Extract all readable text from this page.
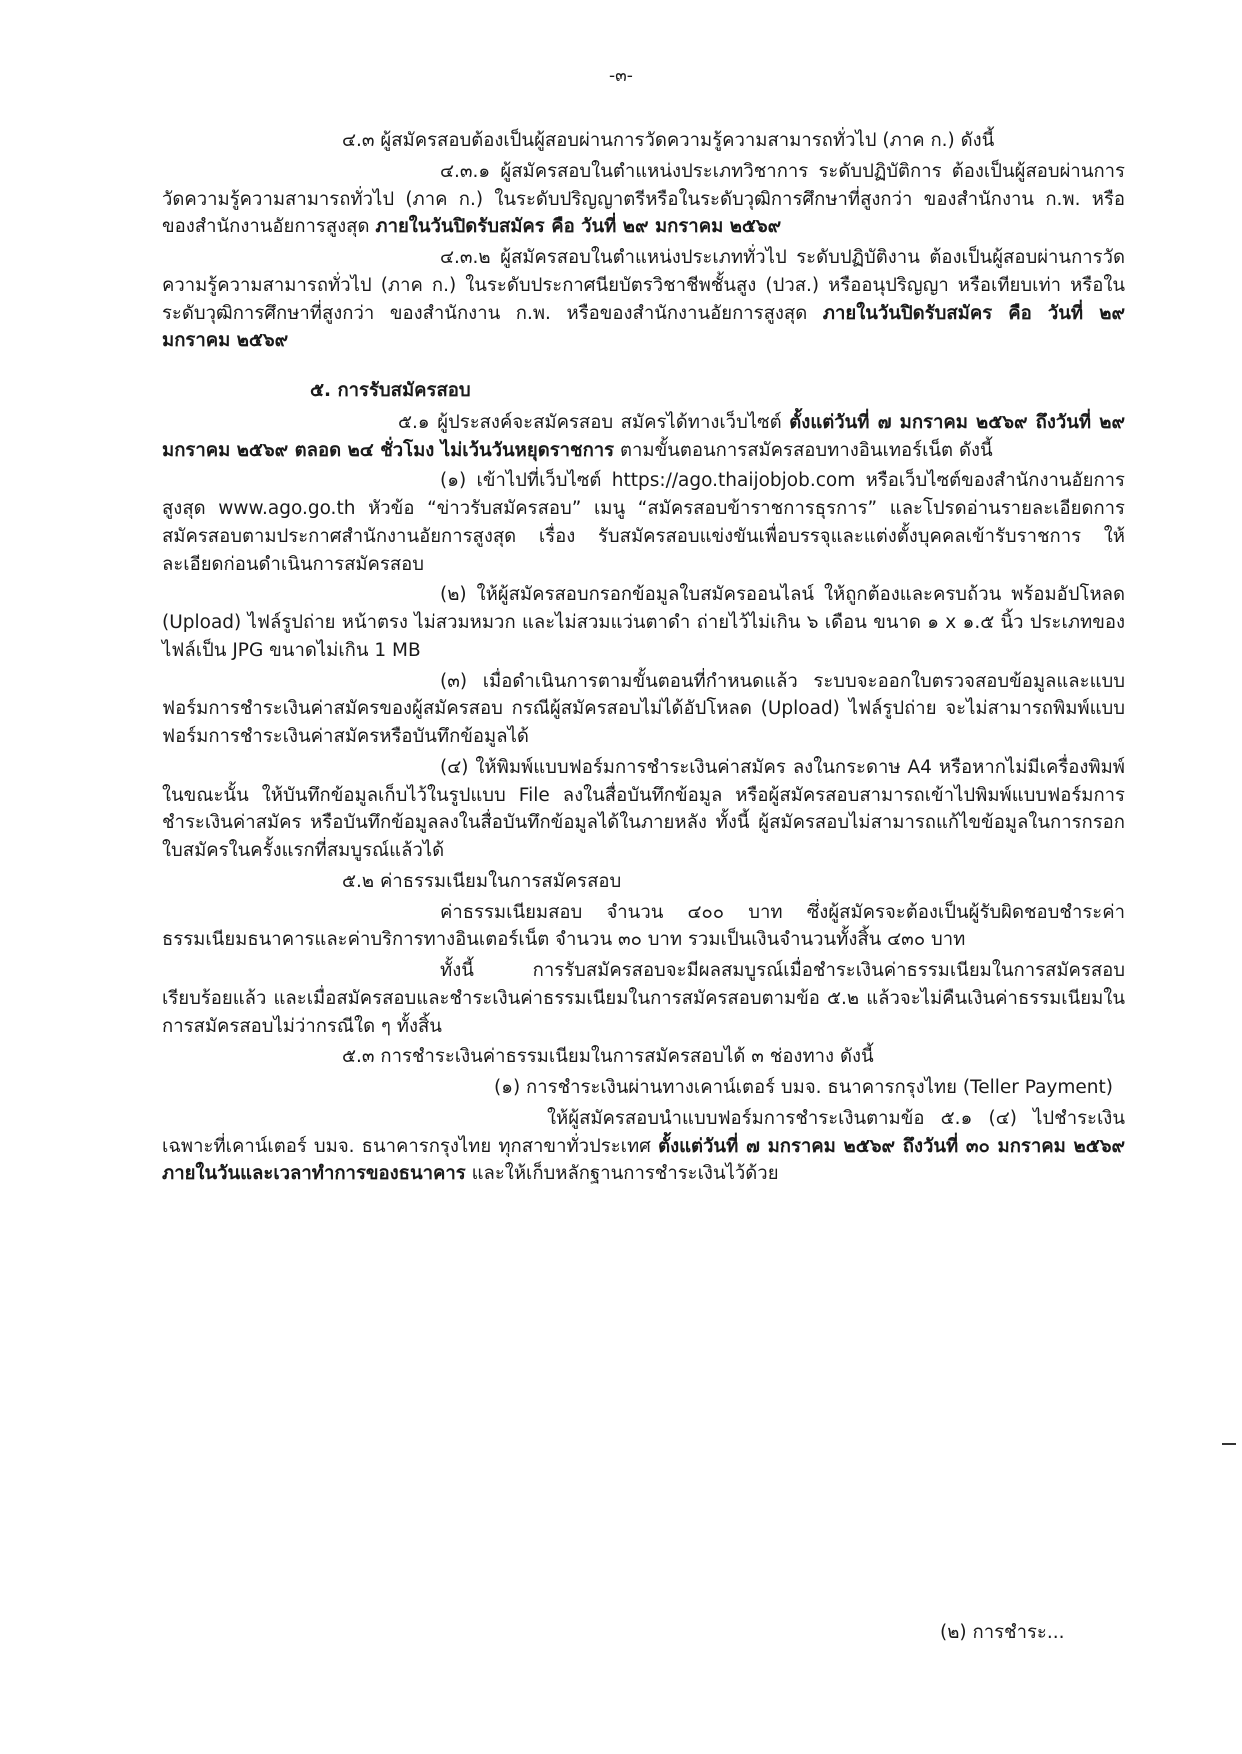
-๓-

๔.๓ ผู้สมัครสอบต้องเป็นผู้สอบผ่านการวัดความรู้ความสามารถทั่วไป (ภาค ก.) ดังนี้

๔.๓.๑ ผู้สมัครสอบในตำแหน่งประเภทวิชาการ ระดับปฏิบัติการ ต้องเป็นผู้สอบผ่านการวัดความรู้ความสามารถทั่วไป (ภาค ก.) ในระดับปริญญาตรีหรือในระดับวุฒิการศึกษาที่สูงกว่า ของสำนักงาน ก.พ. หรือของสำนักงานอัยการสูงสุด ภายในวันปิดรับสมัคร คือ วันที่ ๒๙ มกราคม ๒๕๖๙

๔.๓.๒ ผู้สมัครสอบในตำแหน่งประเภททั่วไป ระดับปฏิบัติงาน ต้องเป็นผู้สอบผ่านการวัดความรู้ความสามารถทั่วไป (ภาค ก.) ในระดับประกาศนียบัตรวิชาชีพชั้นสูง (ปวส.) หรืออนุปริญญา หรือเทียบเท่า หรือในระดับวุฒิการศึกษาที่สูงกว่า ของสำนักงาน ก.พ. หรือของสำนักงานอัยการสูงสุด ภายในวันปิดรับสมัคร คือ วันที่ ๒๙ มกราคม ๒๕๖๙

๕. การรับสมัครสอบ

๕.๑ ผู้ประสงค์จะสมัครสอบ สมัครได้ทางเว็บไซต์ ตั้งแต่วันที่ ๗ มกราคม ๒๕๖๙ ถึงวันที่ ๒๙ มกราคม ๒๕๖๙ ตลอด ๒๔ ชั่วโมง ไม่เว้นวันหยุดราชการ ตามขั้นตอนการสมัครสอบทางอินเทอร์เน็ต ดังนี้

(๑) เข้าไปที่เว็บไซต์ https://ago.thaijobjob.com หรือเว็บไซต์ของสำนักงานอัยการสูงสุด www.ago.go.th หัวข้อ “ข่าวรับสมัครสอบ” เมนู “สมัครสอบข้าราชการธุรการ” และโปรดอ่านรายละเอียดการสมัครสอบตามประกาศสำนักงานอัยการสูงสุด เรื่อง รับสมัครสอบแข่งขันเพื่อบรรจุและแต่งตั้งบุคคลเข้ารับราชการ ให้ละเอียดก่อนดำเนินการสมัครสอบ

(๒) ให้ผู้สมัครสอบกรอกข้อมูลใบสมัครออนไลน์ ให้ถูกต้องและครบถ้วน พร้อมอัปโหลด (Upload) ไฟล์รูปถ่าย หน้าตรง ไม่สวมหมวก และไม่สวมแว่นตาดำ ถ่ายไว้ไม่เกิน ๖ เดือน ขนาด ๑ x ๑.๕ นิ้ว ประเภทของไฟล์เป็น JPG ขนาดไม่เกิน 1 MB

(๓) เมื่อดำเนินการตามขั้นตอนที่กำหนดแล้ว ระบบจะออกใบตรวจสอบข้อมูลและแบบฟอร์มการชำระเงินค่าสมัครของผู้สมัครสอบ กรณีผู้สมัครสอบไม่ได้อัปโหลด (Upload) ไฟล์รูปถ่าย จะไม่สามารถพิมพ์แบบฟอร์มการชำระเงินค่าสมัครหรือบันทึกข้อมูลได้

(๔) ให้พิมพ์แบบฟอร์มการชำระเงินค่าสมัคร ลงในกระดาษ A4 หรือหากไม่มีเครื่องพิมพ์ในขณะนั้น ให้บันทึกข้อมูลเก็บไว้ในรูปแบบ File ลงในสื่อบันทึกข้อมูล หรือผู้สมัครสอบสามารถเข้าไปพิมพ์แบบฟอร์มการชำระเงินค่าสมัคร หรือบันทึกข้อมูลลงในสื่อบันทึกข้อมูลได้ในภายหลัง ทั้งนี้ ผู้สมัครสอบไม่สามารถแก้ไขข้อมูลในการกรอกใบสมัครในครั้งแรกที่สมบูรณ์แล้วได้

๕.๒ ค่าธรรมเนียมในการสมัครสอบ

ค่าธรรมเนียมสอบ จำนวน ๔๐๐ บาท ซึ่งผู้สมัครจะต้องเป็นผู้รับผิดชอบชำระค่าธรรมเนียมธนาคารและค่าบริการทางอินเตอร์เน็ต จำนวน ๓๐ บาท รวมเป็นเงินจำนวนทั้งสิ้น ๔๓๐ บาท

ทั้งนี้ การรับสมัครสอบจะมีผลสมบูรณ์เมื่อชำระเงินค่าธรรมเนียมในการสมัครสอบเรียบร้อยแล้ว และเมื่อสมัครสอบและชำระเงินค่าธรรมเนียมในการสมัครสอบตามข้อ ๕.๒ แล้วจะไม่คืนเงินค่าธรรมเนียมในการสมัครสอบไม่ว่ากรณีใด ๆ ทั้งสิ้น

๕.๓ การชำระเงินค่าธรรมเนียมในการสมัครสอบได้ ๓ ช่องทาง ดังนี้

(๑) การชำระเงินผ่านทางเคาน์เตอร์ บมจ. ธนาคารกรุงไทย (Teller Payment)

ให้ผู้สมัครสอบนำแบบฟอร์มการชำระเงินตามข้อ ๕.๑ (๔) ไปชำระเงินเฉพาะที่เคาน์เตอร์ บมจ. ธนาคารกรุงไทย ทุกสาขาทั่วประเทศ ตั้งแต่วันที่ ๗ มกราคม ๒๕๖๙ ถึงวันที่ ๓๐ มกราคม ๒๕๖๙ ภายในวันและเวลาทำการของธนาคาร และให้เก็บหลักฐานการชำระเงินไว้ด้วย

(๒) การชำระ...
